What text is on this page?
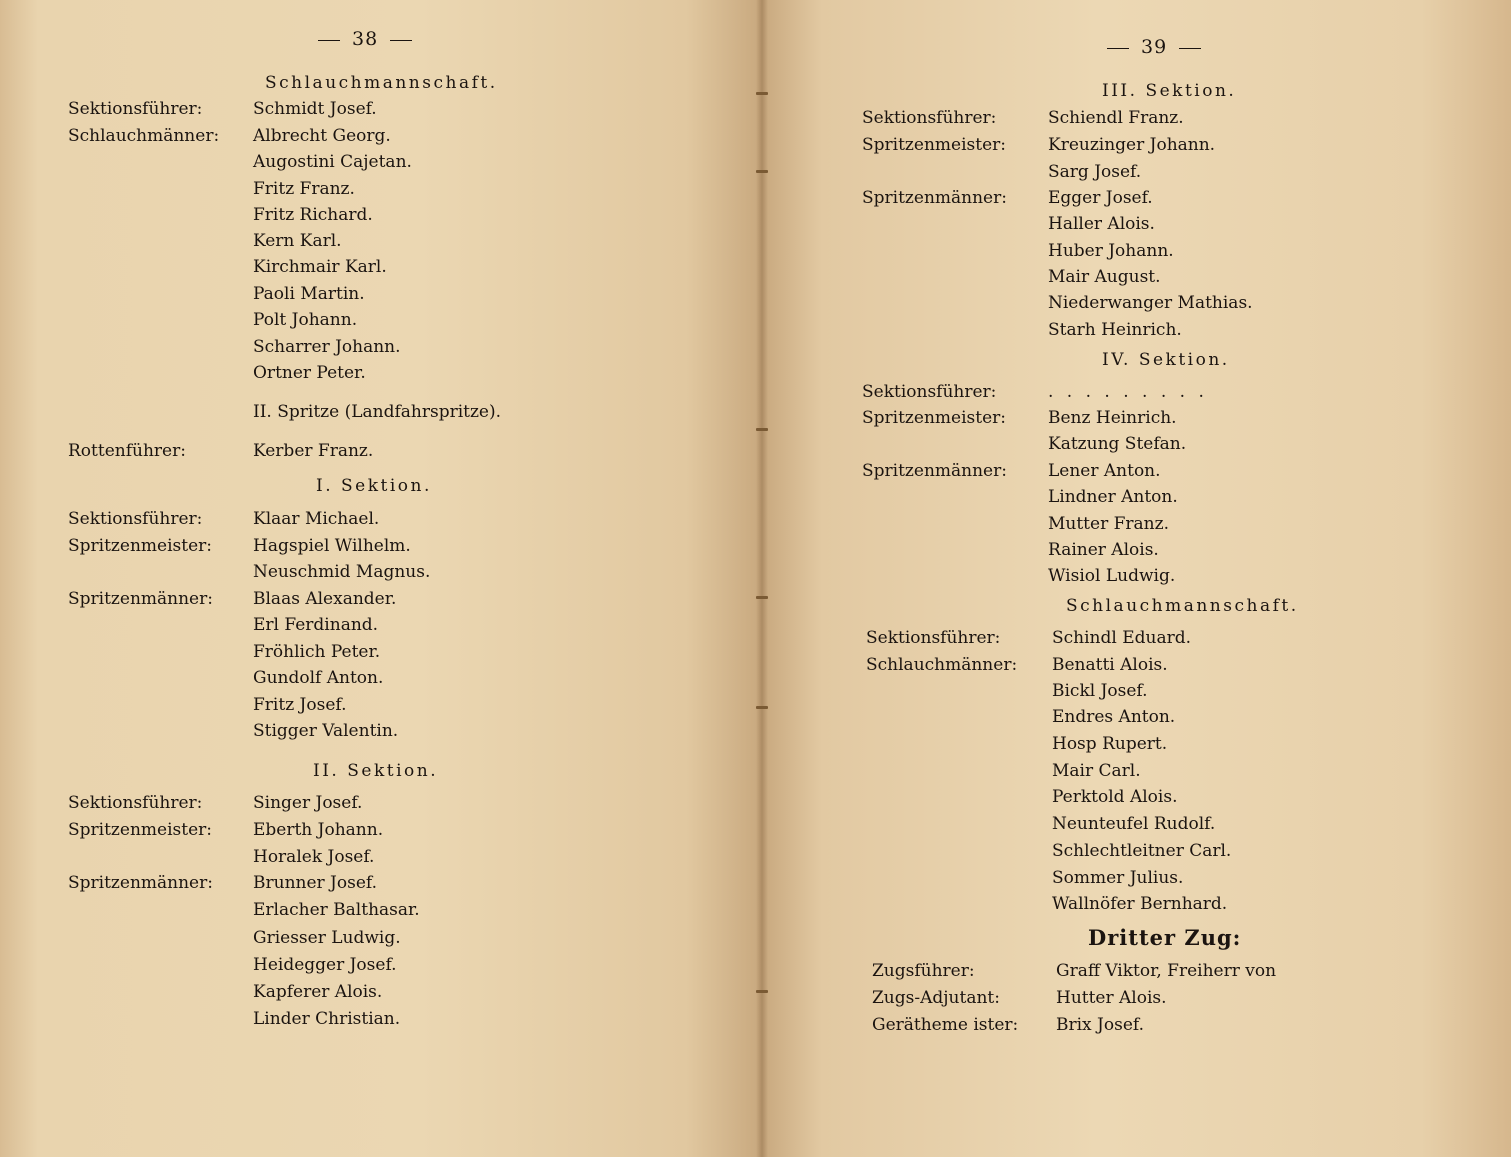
38
Schlauchmannschaft.
Sektionsführer:	Schmidt Josef.
Schlauchmänner: Albrecht Georg.
Augostini Cajetan.
Fritz Franz.
Fritz Richard.
Kern Karl.
Kirchmair Karl.
Paoli Martin.
Polt Johann.
Scharrer Johann.
Ortner Peter.
II. Spritze (Landfahrspritze).
Rottenführer:	Kerber Franz.
I. Sektion.
Sektionsführer:	Klaar Michael.
Spritzenmeister: Hagspiel Wilhelm.
Neuschmid Magnus.
Spritzenmänner: Blaas Alexander.
Erl Ferdinand.
Fröhlich Peter.
Gundolf Anton.
Fritz Josef.
Stigger Valentin.
II. Sektion.
Sektionsführer:	Singer Josef.
Spritzenmeister: Eberth Johann.
Horalek Josef.
Spritzenmänner: Brunner Josef.
Erlacher Balthasar.
Griesser Ludwig.
Heidegger Josef.
Kapferer Alois.
Linder Christian.
39
III. Sektion.
Sektionsführer:	Schiendl Franz.
Spritzenmeister: Kreuzinger Johann.
Sarg Josef.
Spritzenmänner: Egger Josef.
Haller Alois.
Huber Johann.
Mair August.
Niederwanger Mathias.
Starh Heinrich.
IV. Sektion.
Sektionsführer:	. . . . . . . . .
Spritzenmeister: Benz Heinrich.
Katzung Stefan.
Spritzenmänner: Lener Anton.
Lindner Anton.
Mutter Franz.
Rainer Alois.
Wisiol Ludwig.
Schlauchmannschaft.
Sektionsführer:	Schindl Eduard.
Schlauchmänner: Benatti Alois.
Bickl Josef.
Endres Anton.
Hosp Rupert.
Mair Carl.
Perktold Alois.
Neunteufel Rudolf.
Schlechtleitner Carl.
Sommer Julius.
Wallnöfer Bernhard.
Dritter Zug:
Zugsführer:	Graff Viktor, Freiherr von
Zugs-Adjutant:	Hutter Alois.
Gerätheme ister: Brix Josef.
